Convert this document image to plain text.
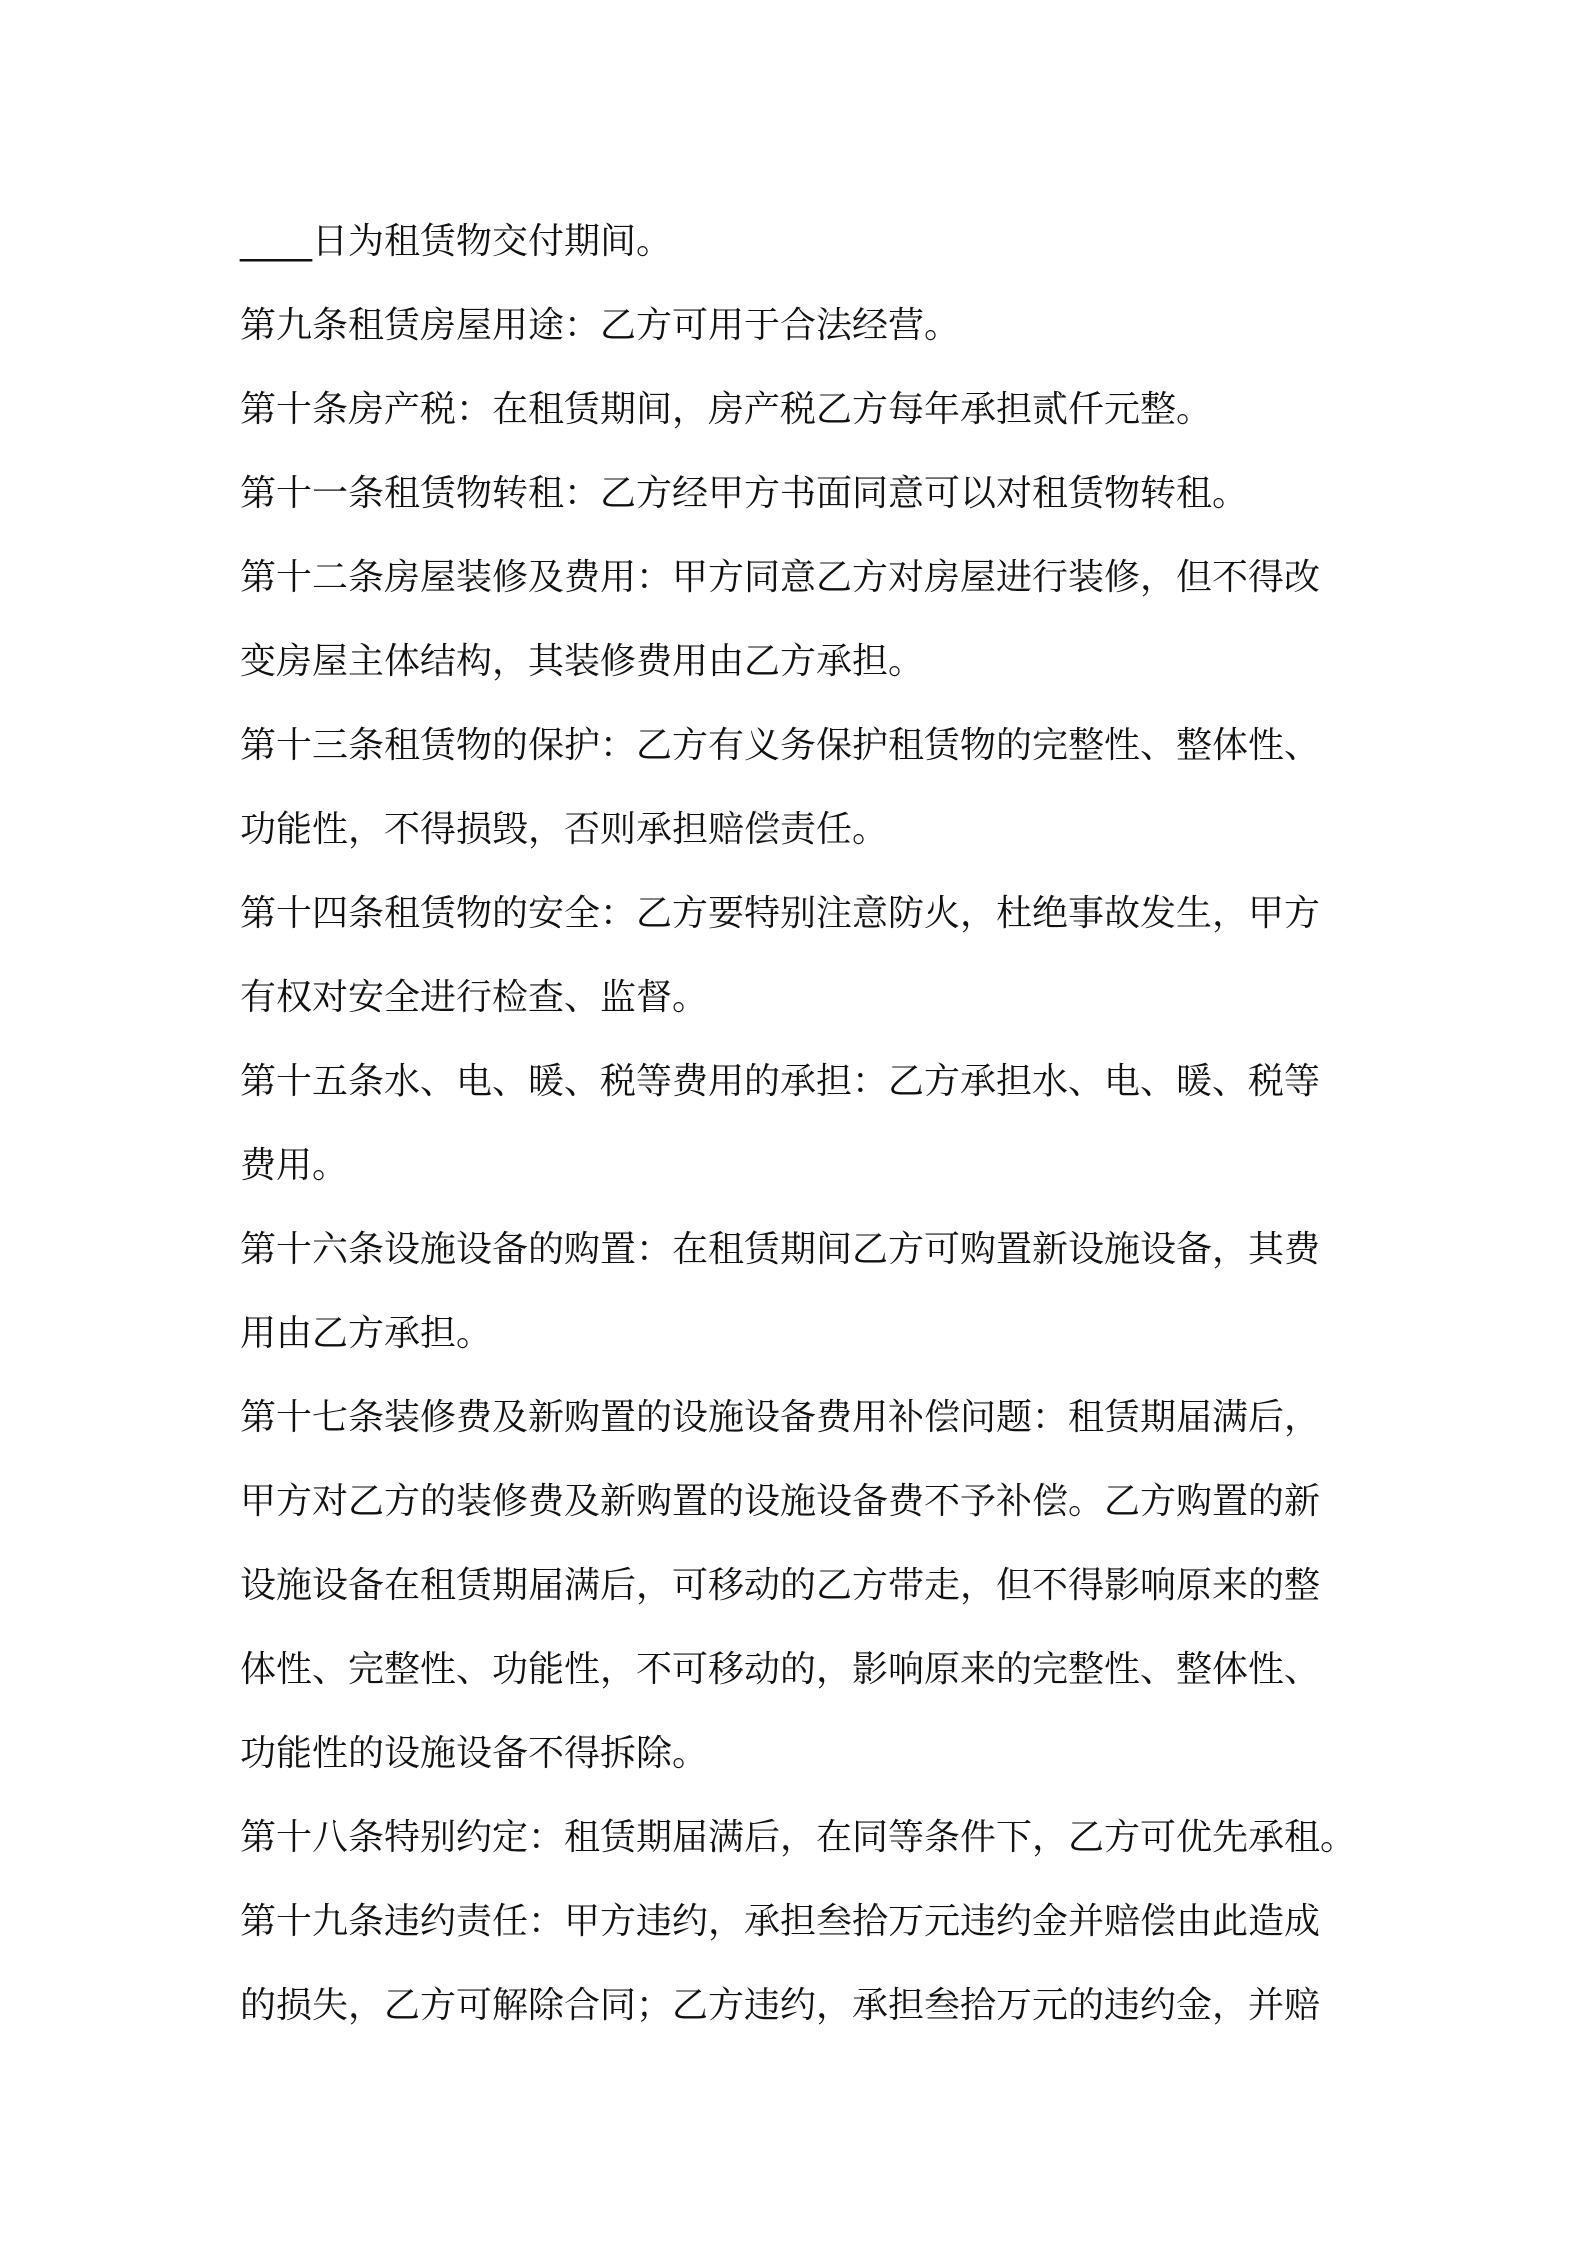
____日为租赁物交付期间。
第九条租赁房屋用途：乙方可用于合法经营。
第十条房产税：在租赁期间，房产税乙方每年承担贰仟元整。
第十一条租赁物转租：乙方经甲方书面同意可以对租赁物转租。
第十二条房屋装修及费用：甲方同意乙方对房屋进行装修，但不得改
变房屋主体结构，其装修费用由乙方承担。
第十三条租赁物的保护：乙方有义务保护租赁物的完整性、整体性、
功能性，不得损毁，否则承担赔偿责任。
第十四条租赁物的安全：乙方要特别注意防火，杜绝事故发生，甲方
有权对安全进行检查、监督。
第十五条水、电、暖、税等费用的承担：乙方承担水、电、暖、税等
费用。
第十六条设施设备的购置：在租赁期间乙方可购置新设施设备，其费
用由乙方承担。
第十七条装修费及新购置的设施设备费用补偿问题：租赁期届满后，
甲方对乙方的装修费及新购置的设施设备费不予补偿。乙方购置的新
设施设备在租赁期届满后，可移动的乙方带走，但不得影响原来的整
体性、完整性、功能性，不可移动的，影响原来的完整性、整体性、
功能性的设施设备不得拆除。
第十八条特别约定：租赁期届满后，在同等条件下，乙方可优先承租。
第十九条违约责任：甲方违约，承担叁拾万元违约金并赔偿由此造成
的损失，乙方可解除合同；乙方违约，承担叁拾万元的违约金，并赔
